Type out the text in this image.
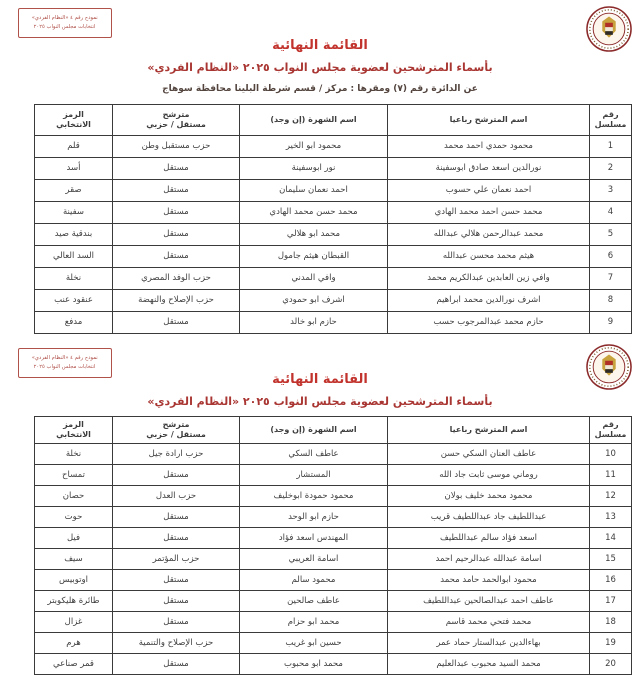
نموذج رقم ٤ «النظام الفردي»
انتخابات مجلس النواب ٢٠٢٥
القائمة النهائية
بأسماء المترشحين لعضوية مجلس النواب ٢٠٢٥ «النظام الفردي»
عن الدائرة رقم (٧) ومقرها : مركز / قسم شرطة البلينا محافظة سوهاج
رقم
مسلسل	اسم المترشح رباعيا	اسم الشهرة (إن وجد)	مترشح
مستقل / حزبي	الرمز
الانتخابي

1	محمود حمدي احمد محمد	محمود ابو الخير	حزب مستقبل وطن	قلم
2	نورالدين اسعد صادق ابوسفينة	نور ابوسفينة	مستقل	أسد
3	احمد نعمان علي حسوب	احمد نعمان سليمان	مستقل	صقر
4	محمد حسن احمد محمد الهادي	محمد حسن محمد الهادي	مستقل	سفينة
5	محمد عبدالرحمن هلالي عبدالله	محمد ابو هلالي	مستقل	بندقية صيد
6	هيثم محمد محسن عبدالله	القبطان هيثم جامول	مستقل	السد العالي
7	وافي زين العابدين عبدالكريم محمد	وافي المدني	حزب الوفد المصري	نخلة
8	اشرف نورالدين محمد ابراهيم	اشرف ابو حمودي	حزب الإصلاح والنهضة	عنقود عنب
9	حازم محمد عبدالمرجوب حسب	حازم ابو خالد	مستقل	مدفع
نموذج رقم ٤ «النظام الفردي»
انتخابات مجلس النواب ٢٠٢٥
القائمة النهائية
بأسماء المترشحين لعضوية مجلس النواب ٢٠٢٥ «النظام الفردي»
رقم
مسلسل	اسم المترشح رباعيا	اسم الشهرة (إن وجد)	مترشح
مستقل / حزبي	الرمز
الانتخابي

10	عاطف العنان السكي حسن	عاطف السكي	حزب ارادة جيل	نخلة
11	روماني موسى ثابت جاد الله	المستشار	مستقل	تمساح
12	محمود محمد خليف بولان	محمود حمودة ابوخليف	حزب العدل	حصان
13	عبداللطيف جاد عبداللطيف قريب	حازم ابو الوحد	مستقل	حوت
14	اسعد فؤاد سالم عبداللطيف	المهندس اسعد فؤاد	مستقل	فيل
15	اسامة عبدالله عبدالرحيم احمد	اسامة العريبي	حزب المؤتمر	سيف
16	محمود ابوالحمد حامد محمد	محمود سالم	مستقل	اوتوبيس
17	عاطف احمد عبدالصالحين عبداللطيف	عاطف صالحين	مستقل	طائرة هليكوبتر
18	محمد فتحي محمد قاسم	محمد ابو حزام	مستقل	غزال
19	بهاءالدين عبدالستار حماد عمر	حسين ابو غريب	حزب الإصلاح والتنمية	هرم
20	محمد السيد محبوب عبدالعليم	محمد ابو محبوب	مستقل	قمر صناعي
